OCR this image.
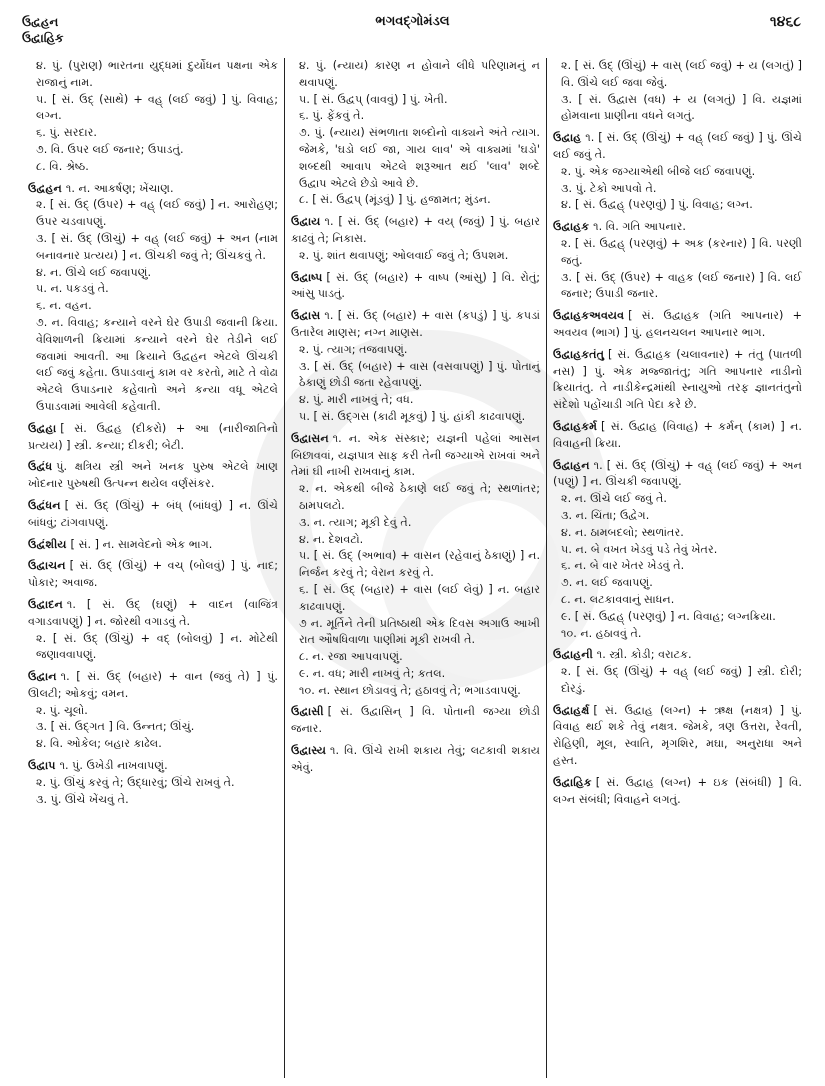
ઉદ્વહન
ઉદ્વાહિક
ભગવદ્ગોમંડલ	૧૪૬૮
૪. પું. (પુરાણ) ભારતના યુદ્ધમાં દુર્યોધન પક્ષના એક રાજાનું નામ.
૫. [ સં. ઉદ્ (સાથે) + વહ્ (લઈ જવું) ] પું. વિવાહ; લગ્ન.
૬. પું. સરદાર.
૭. વિ. ઉપર લઈ જનાર; ઉપાડતું.
૮. વિ. શ્રેષ્ઠ.
ઉદ્વહન ૧. ન. આકર્ષણ; ખેંચાણ.
૨. [ સં. ઉદ્ (ઉપર) + વહ્ (લઈ જવું) ] ન. આરોહણ; ઉપર ચડવાપણું.
૩. [ સં. ઉદ્ (ઊચું) + વહ્ (લઈ જવું) + અન (નામ બનાવનાર પ્રત્યય) ] ન. ઊંચકી જવું તે; ઊંચકવું તે.
૪. ન. ઊંચે લઈ જવાપણું.
૫. ન. પકડવું તે.
૬. ન. વહન.
૭. ન. વિવાહ; કન્યાને વરને ઘેર ઉપાડી જવાની ક્રિયા. વેવિશાળની ક્રિયામાં કન્યાને વરને ઘેર તેડીને લઈ જવામાં આવતી. આ ક્રિયાને ઉદ્વહન એટલે ઊંચકી લઈ જવું કહેતા. ઉપાડવાનું કામ વર કરતો, માટે તે વોઢા એટલે ઉપાડનાર કહેવાતો અને કન્યા વધૂ એટલે ઉપાડવામાં આવેલી કહેવાતી.
ઉદ્વહા [ સં. ઉદ્વહ (દીકરો) + આ (નારીજાતિનો પ્રત્યય) ] સ્ત્રી. કન્યા; દીકરી; બેટી.
ઉદ્વંધ પું. ક્ષત્રિય સ્ત્રી અને ખનક પુરુષ એટલે ખાણ ખોદનાર પુરુષથી ઉત્પન્ન થયેલ વર્ણસંકર.
ઉદ્વંધન [ સં. ઉદ્ (ઊંચું) + બંધ્ (બાંધવું) ] ન. ઊંચે બાંધવું; ટાંગવાપણું.
ઉદ્વંશીય [ સં. ] ન. સામવેદનો એક ભાગ.
ઉદ્વાચન [ સં. ઉદ્ (ઊંચું) + વચ્ (બોલવું) ] પું. નાદ; પોકાર; અવાજ.
ઉદ્વાદન ૧. [ સં. ઉદ્ (ઘણું) + વાદન (વાજિંત્ર વગાડવાપણું) ] ન. જોરથી વગાડવું તે.
૨. [ સં. ઉદ્ (ઊંચું) + વદ્ (બોલવું) ] ન. મોટેથી જણાવવાપણું.
ઉદ્વાન ૧. [ સં. ઉદ્ (બહાર) + વાન (જવું તે) ] પું. ઊલટી; ઓકવું; વમન.
૨. પું. ચૂલો.
૩. [ સં. ઉદ્ગત ] વિ. ઉન્નત; ઊંચું.
૪. વિ. ઓકેલ; બહાર કાઢેલ.
ઉદ્વાપ ૧. પું. ઉખેડી નાખવાપણું.
૨. પું. ઊંચું કરવું તે; ઉદ્ધારવું; ઊંચે રાખવું તે.
૩. પું. ઊંચે ખેંચવું તે.
૪. પું. (ન્યાય) કારણ ન હોવાને લીધે પરિણામનું ન થવાપણું.
૫. [ સં. ઉદ્વપ્ (વાવવું) ] પું. ખેતી.
૬. પું. ફેંકવું તે.
૭. પું. (ન્યાય) સંભળાતા શબ્દોનો વાક્યને અંતે ત્યાગ. જેમકે, 'ઘડો લઈ જા, ગાય લાવ' એ વાક્યમાં 'ઘડો' શબ્દથી આવાપ એટલે શરૂઆત થઈ 'લાવ' શબ્દે ઉદ્વાપ એટલે છેડો આવે છે.
૮. [ સં. ઉદ્વપ્ (મૂંડવું) ] પું. હજામત; મુંડન.
ઉદ્વાય ૧. [ સં. ઉદ્ (બહાર) + વય્ (જવું) ] પું. બહાર કાઢવું તે; નિકાસ.
૨. પું. શાંત થવાપણું; ઓલવાઈ જવું તે; ઉપશમ.
ઉદ્વાષ્પ [ સં. ઉદ્ (બહાર) + વાષ્પ (આંસુ) ] વિ. રોતું; આંસુ પાડતું.
ઉદ્વાસ ૧. [ સં. ઉદ્ (બહાર) + વાસ (કપડું) ] પું. કપડાં ઉતારેલ માણસ; નગ્ન માણસ.
૨. પું. ત્યાગ; તજવાપણું.
૩. [ સં. ઉદ્ (બહાર) + વાસ (વસવાપણું) ] પું. પોતાનું ઠેકાણું છોડી જતા રહેવાપણું.
૪. પું. મારી નાખવું તે; વધ.
૫. [ સં. ઉદ્ગસ (કાઢી મૂકવું) ] પું. હાંકી કાઢવાપણું.
ઉદ્વાસન ૧. ન. એક સંસ્કાર; યજ્ઞની પહેલાં આસન બિછાવવાં, યજ્ઞપાત્ર સાફ કરી તેની જગ્યાએ રાખવાં અને તેમાં ઘી નાખી રાખવાનું કામ.
૨. ન. એકથી બીજે ઠેકાણે લઈ જવું તે; સ્થળાંતર; ઠામપલટો.
૩. ન. ત્યાગ; મૂકી દેવું તે.
૪. ન. દેશવટો.
૫. [ સં. ઉદ્ (અભાવ) + વાસન (રહેવાનું ઠેકાણું) ] ન. નિર્જન કરવું તે; વેરાન કરવું તે.
૬. [ સં. ઉદ્ (બહાર) + વાસ (લઈ લેવું) ] ન. બહાર કાઢવાપણું.
૭ ન. મૂર્તિને તેની પ્રતિષ્ઠાથી એક દિવસ અગાઉ આખી રાત ઔષધિવાળા પાણીમાં મૂકી રાખવી તે.
૮. ન. રજા આપવાપણું.
૯. ન. વધ; મારી નાખવું તે; કતલ.
૧૦. ન. સ્થાન છોડાવવું તે; હઠાવવું તે; ભગાડવાપણું.
ઉદ્વાસી [ સં. ઉદ્વાસિન્ ] વિ. પોતાની જગ્યા છોડી જનાર.
ઉદ્વાસ્ય ૧. વિ. ઊંચે રાખી શકાય તેવું; લટકાવી શકાય એવું.
૨. [ સં. ઉદ્ (ઊંચું) + વાસ્ (લઈ જવું) + ય (લગતું) ] વિ. ઊંચે લઈ જવા જેવું.
૩. [ સં. ઉદ્વાસ (વધ) + ય (લગતું) ] વિ. યજ્ઞમાં હોમવાના પ્રાણીના વધને લગતું.
ઉદ્વાહ ૧. [ સં. ઉદ્ (ઊંચું) + વહ્ (લઈ જવું) ] પું. ઊંચે લઈ જવું તે.
૨. પું. એક જગ્યાએથી બીજે લઈ જવાપણું.
૩. પું. ટેકો આપવો તે.
૪. [ સં. ઉદ્વહ્ (પરણવું) ] પું. વિવાહ; લગ્ન.
ઉદ્વાહક ૧. વિ. ગતિ આપનાર.
૨. [ સં. ઉદ્વહ્ (પરણવું) + અક (કરનાર) ] વિ. પરણી જતું.
૩. [ સં. ઉદ્ (ઉપર) + વાહક (લઈ જનાર) ] વિ. લઈ જનાર; ઉપાડી જનાર.
ઉદ્વાહકઅવયવ [ સં. ઉદ્વાહક (ગતિ આપનાર) + અવયવ (ભાગ) ] પું. હલનચલન આપનાર ભાગ.
ઉદ્વાહકતંતુ [ સં. ઉદ્વાહક (ચલાવનાર) + તંતુ (પાતળી નસ) ] પું. એક મજ્જાતંતુ; ગતિ આપનાર નાડીનો ક્રિયાતંતુ. તે નાડીકેન્દ્રમાંથી સ્નાયુઓ તરફ જ્ઞાનતંતુનો સંદેશો પહોંચાડી ગતિ પેદા કરે છે.
ઉદ્વાહકર્મ [ સં. ઉદ્વાહ (વિવાહ) + કર્મન્ (કામ) ] ન. વિવાહની ક્રિયા.
ઉદ્વાહન ૧. [ સં. ઉદ્ (ઊંચું) + વહ્ (લઈ જવું) + અન (પણું) ] ન. ઊંચકી જવાપણું.
૨. ન. ઊંચે લઈ જવું તે.
૩. ન. ચિંતા; ઉદ્વેગ.
૪. ન. ઠામબદલો; સ્થળાંતર.
૫. ન. બે વખત ખેડવું પડે તેવું ખેતર.
૬. ન. બે વાર ખેતર ખેડવું તે.
૭. ન. લઈ જવાપણું.
૮. ન. લટકાવવાનું સાધન.
૯. [ સં. ઉદ્વહ્ (પરણવું) ] ન. વિવાહ; લગ્નક્રિયા.
૧૦. ન. હઠાવવું તે.
ઉદ્વાહની ૧. સ્ત્રી. કોડી; વરાટક.
૨. [ સં. ઉદ્ (ઊંચું) + વહ્ (લઈ જવું) ] સ્ત્રી. દોરી; દોરડું.
ઉદ્વાહર્ક્ષ [ સં. ઉદ્વાહ (લગ્ન) + ઋક્ષ (નક્ષત્ર) ] પું. વિવાહ થઈ શકે તેવું નક્ષત્ર. જેમકે, ત્રણ ઉત્તરા, રેવતી, રોહિણી, મૂલ, સ્વાતિ, મૃગશિર, મઘા, અનુરાધા અને હસ્ત.
ઉદ્વાહિક [ સં. ઉદ્વાહ (લગ્ન) + ઇક (સંબંધી) ] વિ. લગ્ન સંબંધી; વિવાહને લગતું.
